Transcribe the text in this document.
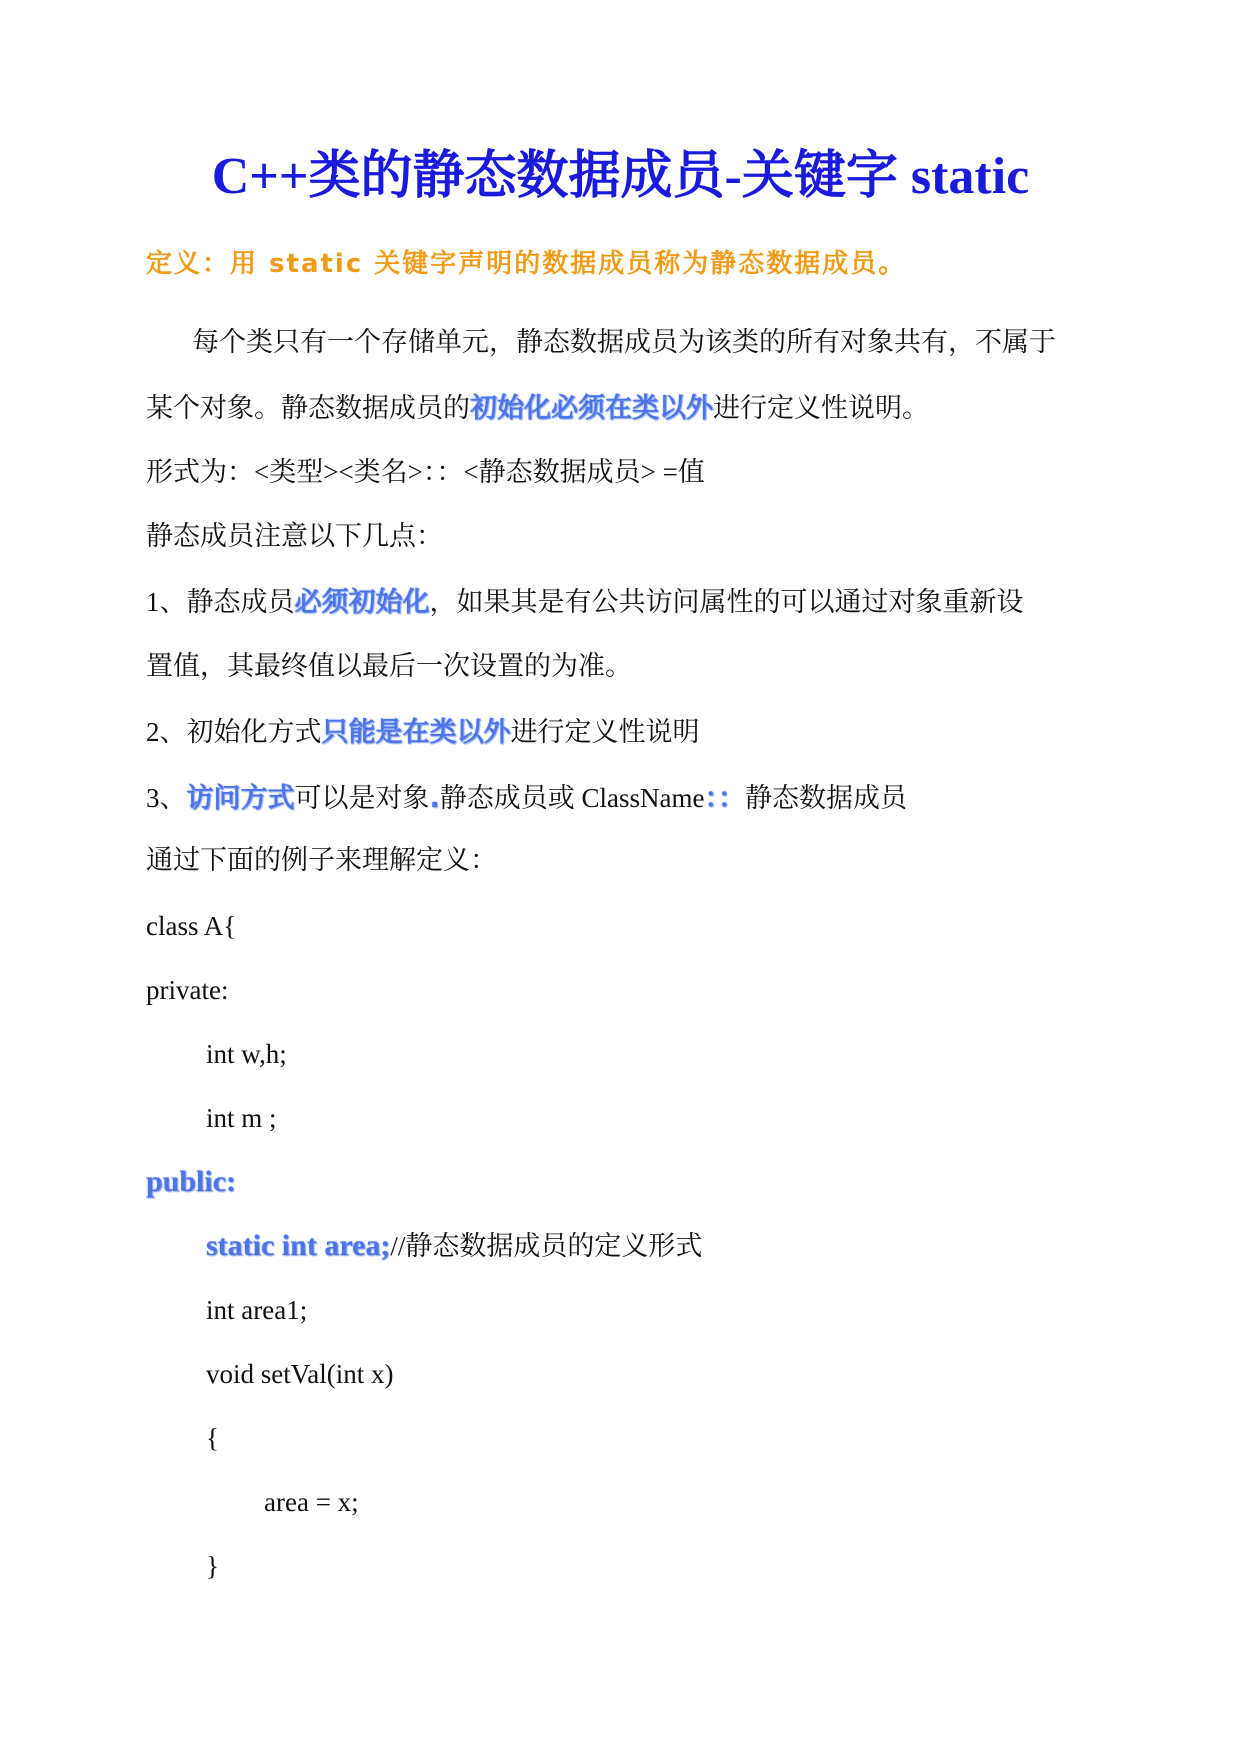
C++类的静态数据成员-关键字 static
定义：用 static 关键字声明的数据成员称为静态数据成员。
每个类只有一个存储单元，静态数据成员为该类的所有对象共有，不属于
某个对象。静态数据成员的初始化必须在类以外进行定义性说明。
形式为：<类型><类名>：：<静态数据成员> =值
静态成员注意以下几点：
1、静态成员必须初始化，如果其是有公共访问属性的可以通过对象重新设
置值，其最终值以最后一次设置的为准。
2、初始化方式只能是在类以外进行定义性说明
3、访问方式可以是对象.静态成员或 ClassName：：静态数据成员
通过下面的例子来理解定义：
class A{
private:
int w,h;
int m ;
public:
static int area;//静态数据成员的定义形式
int area1;
void setVal(int x)
{
area = x;
}
